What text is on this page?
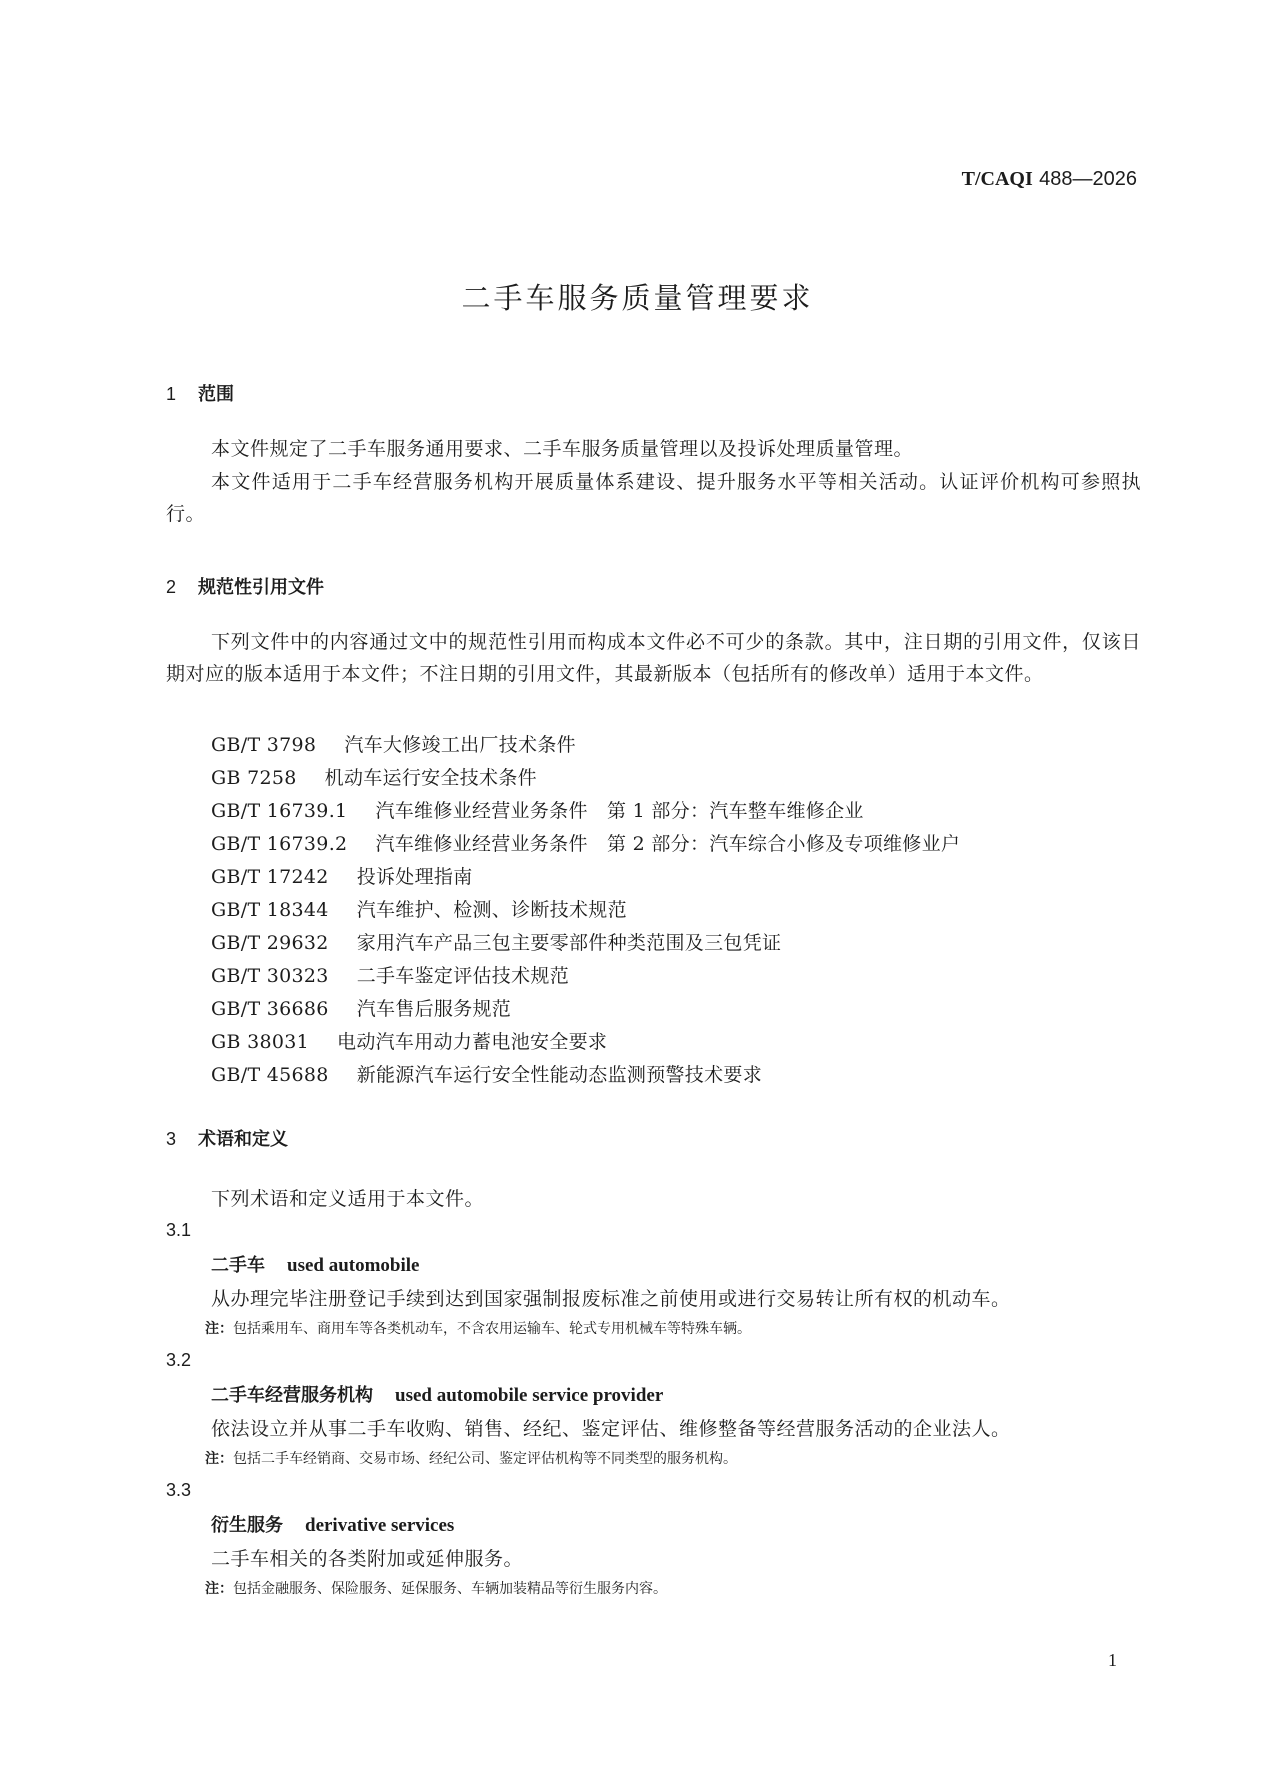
T/CAQI 488—2026
二手车服务质量管理要求
1 范围
本文件规定了二手车服务通用要求、二手车服务质量管理以及投诉处理质量管理。
本文件适用于二手车经营服务机构开展质量体系建设、提升服务水平等相关活动。认证评价机构可参照执行。
2 规范性引用文件
下列文件中的内容通过文中的规范性引用而构成本文件必不可少的条款。其中，注日期的引用文件，仅该日期对应的版本适用于本文件；不注日期的引用文件，其最新版本（包括所有的修改单）适用于本文件。
GB/T 3798 汽车大修竣工出厂技术条件
GB 7258 机动车运行安全技术条件
GB/T 16739.1 汽车维修业经营业务条件　第 1 部分：汽车整车维修企业
GB/T 16739.2 汽车维修业经营业务条件　第 2 部分：汽车综合小修及专项维修业户
GB/T 17242 投诉处理指南
GB/T 18344 汽车维护、检测、诊断技术规范
GB/T 29632 家用汽车产品三包主要零部件种类范围及三包凭证
GB/T 30323 二手车鉴定评估技术规范
GB/T 36686 汽车售后服务规范
GB 38031 电动汽车用动力蓄电池安全要求
GB/T 45688 新能源汽车运行安全性能动态监测预警技术要求
3 术语和定义
下列术语和定义适用于本文件。
3.1
二手车 used automobile
从办理完毕注册登记手续到达到国家强制报废标准之前使用或进行交易转让所有权的机动车。
注：包括乘用车、商用车等各类机动车，不含农用运输车、轮式专用机械车等特殊车辆。
3.2
二手车经营服务机构 used automobile service provider
依法设立并从事二手车收购、销售、经纪、鉴定评估、维修整备等经营服务活动的企业法人。
注：包括二手车经销商、交易市场、经纪公司、鉴定评估机构等不同类型的服务机构。
3.3
衍生服务 derivative services
二手车相关的各类附加或延伸服务。
注：包括金融服务、保险服务、延保服务、车辆加装精品等衍生服务内容。
1
